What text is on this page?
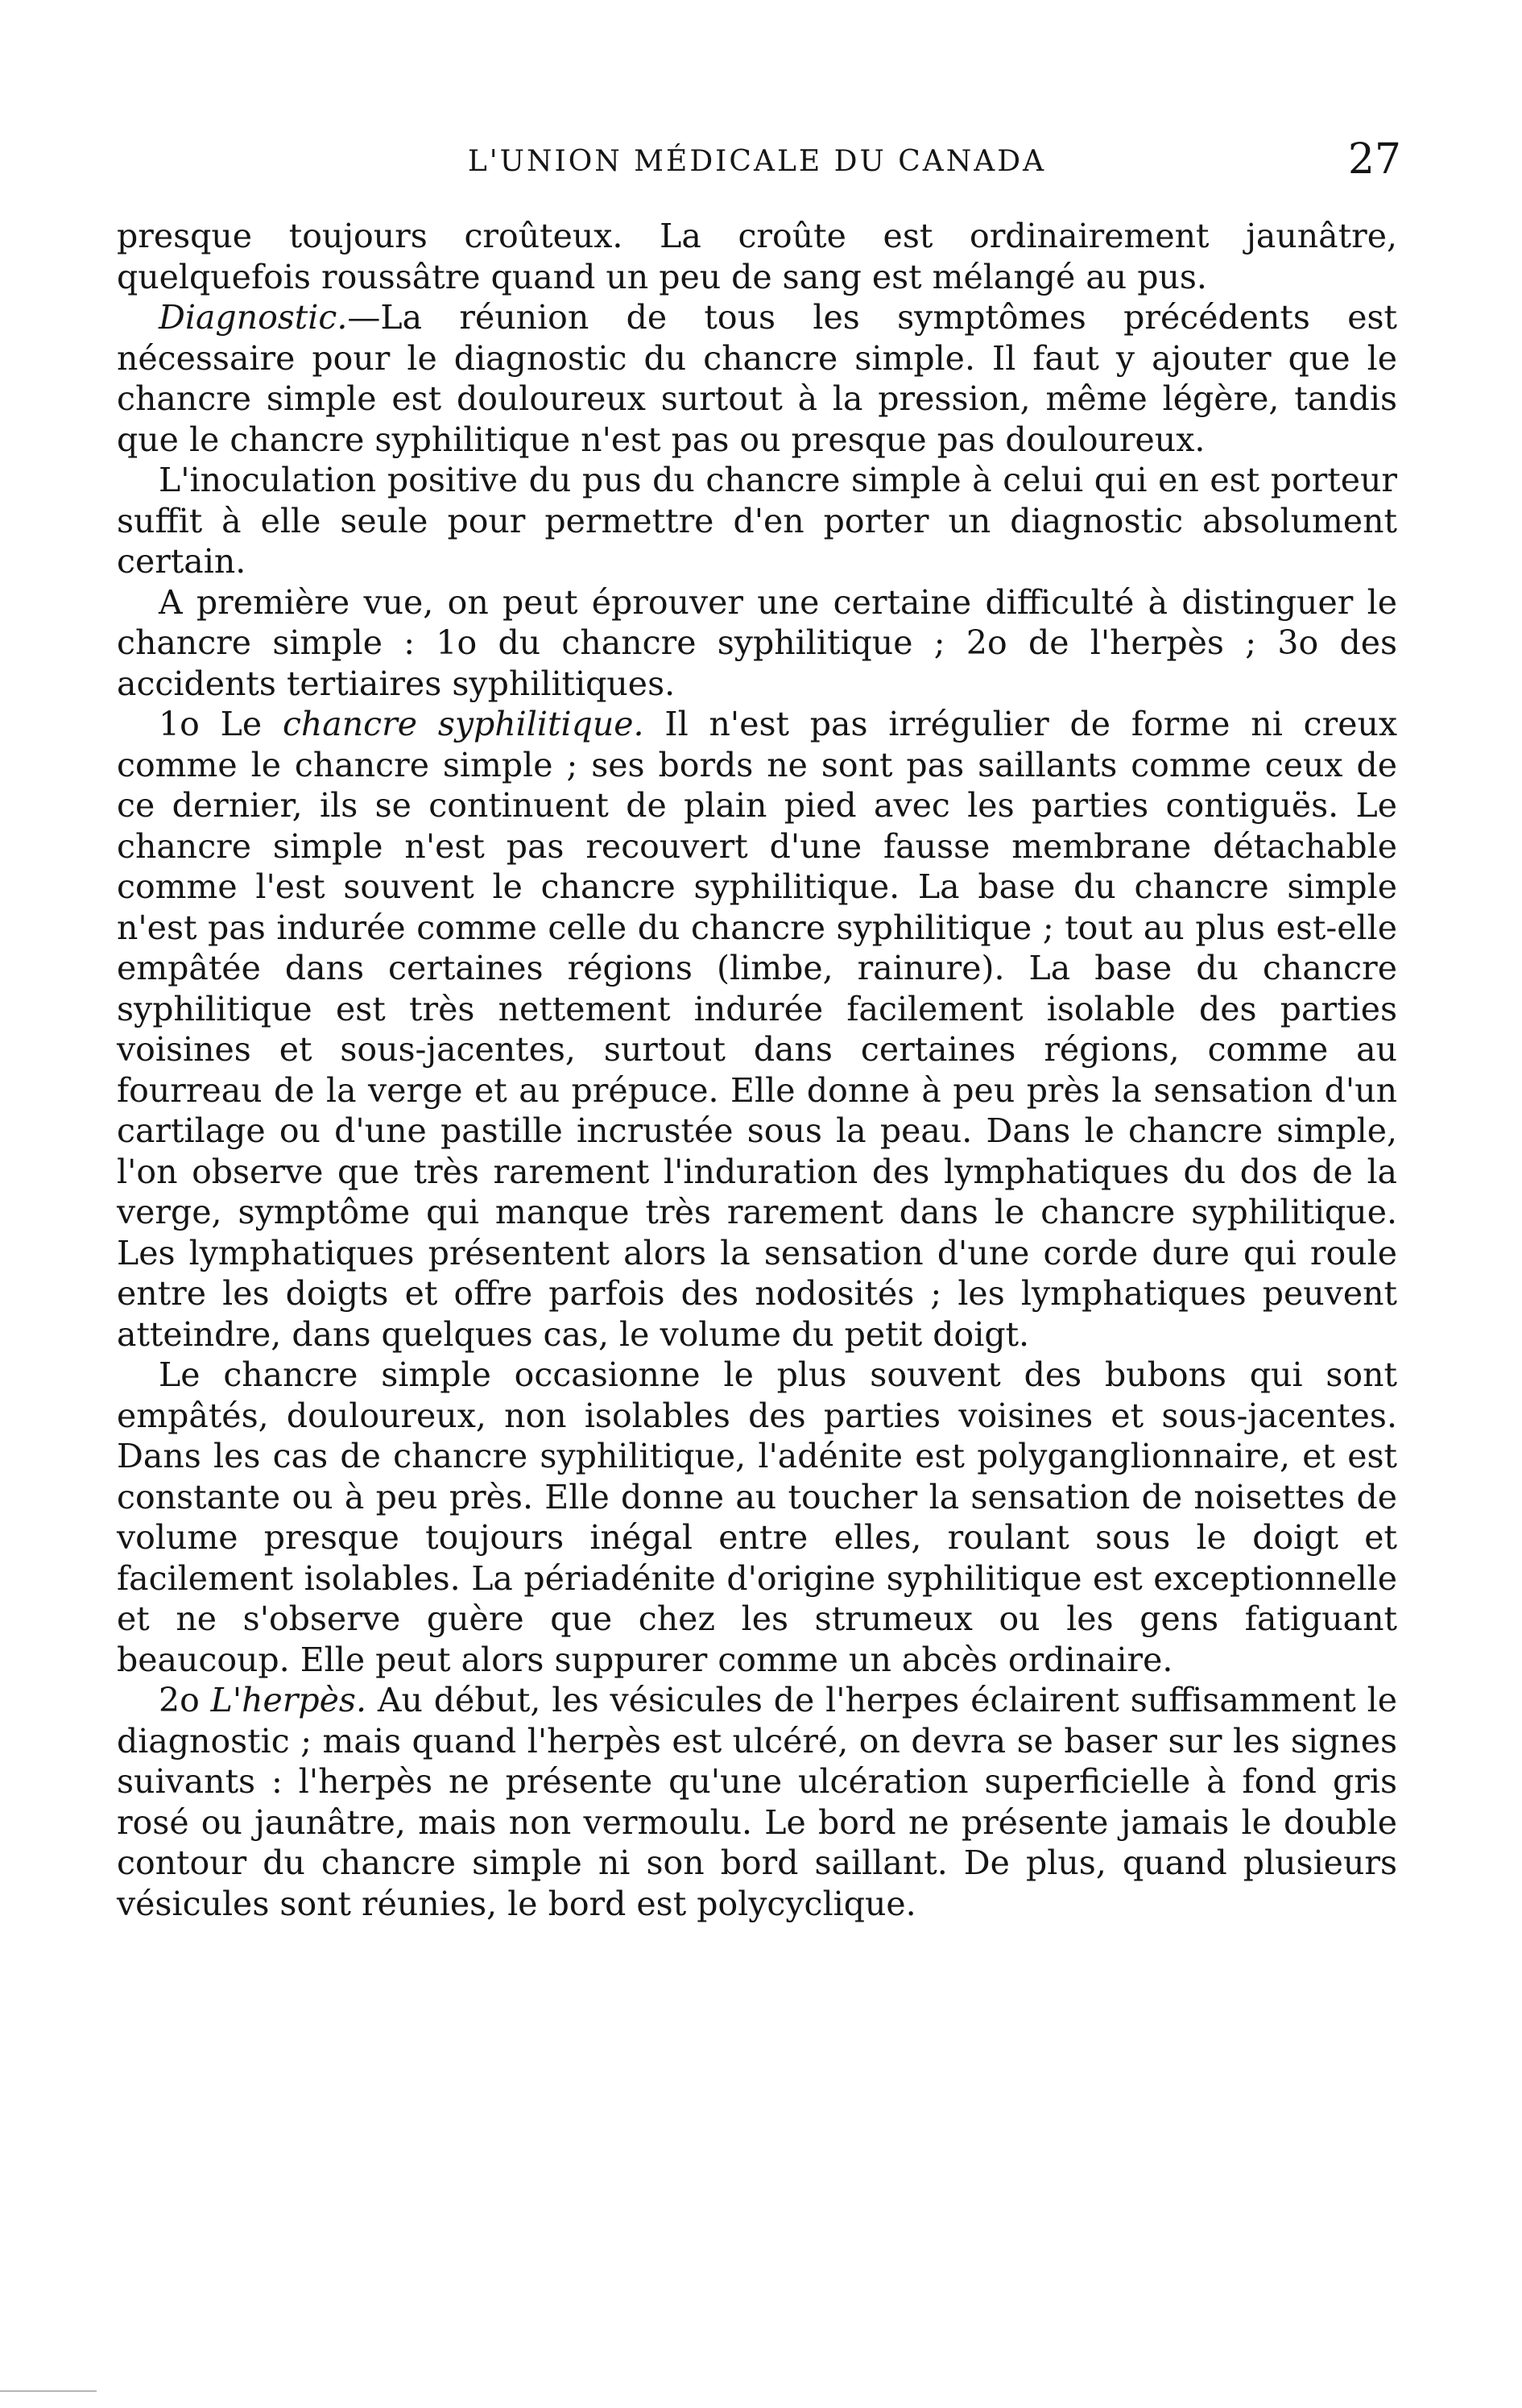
L'UNION MÉDICALE DU CANADA	27

presque toujours croûteux. La croûte est ordinairement jaunâtre, quelquefois roussâtre quand un peu de sang est mélangé au pus.

Diagnostic.—La réunion de tous les symptômes précédents est nécessaire pour le diagnostic du chancre simple. Il faut y ajouter que le chancre simple est douloureux surtout à la pression, même légère, tandis que le chancre syphilitique n'est pas ou presque pas douloureux.

L'inoculation positive du pus du chancre simple à celui qui en est porteur suffit à elle seule pour permettre d'en porter un diagnostic absolument certain.

A première vue, on peut éprouver une certaine difficulté à distinguer le chancre simple : 1o du chancre syphilitique ; 2o de l'herpès ; 3o des accidents tertiaires syphilitiques.

1o Le chancre syphilitique. Il n'est pas irrégulier de forme ni creux comme le chancre simple ; ses bords ne sont pas saillants comme ceux de ce dernier, ils se continuent de plain pied avec les parties contiguës. Le chancre simple n'est pas recouvert d'une fausse membrane détachable comme l'est souvent le chancre syphilitique. La base du chancre simple n'est pas indurée comme celle du chancre syphilitique ; tout au plus est-elle empâtée dans certaines régions (limbe, rainure). La base du chancre syphilitique est très nettement indurée facilement isolable des parties voisines et sous-jacentes, surtout dans certaines régions, comme au fourreau de la verge et au prépuce. Elle donne à peu près la sensation d'un cartilage ou d'une pastille incrustée sous la peau. Dans le chancre simple, l'on observe que très rarement l'induration des lymphatiques du dos de la verge, symptôme qui manque très rarement dans le chancre syphilitique. Les lymphatiques présentent alors la sensation d'une corde dure qui roule entre les doigts et offre parfois des nodosités ; les lymphatiques peuvent atteindre, dans quelques cas, le volume du petit doigt.

Le chancre simple occasionne le plus souvent des bubons qui sont empâtés, douloureux, non isolables des parties voisines et sous-jacentes. Dans les cas de chancre syphilitique, l'adénite est polyganglionnaire, et est constante ou à peu près. Elle donne au toucher la sensation de noisettes de volume presque toujours inégal entre elles, roulant sous le doigt et facilement isolables. La périadénite d'origine syphilitique est exceptionnelle et ne s'observe guère que chez les strumeux ou les gens fatiguant beaucoup. Elle peut alors suppurer comme un abcès ordinaire.

2o L'herpès. Au début, les vésicules de l'herpes éclairent suffisamment le diagnostic ; mais quand l'herpès est ulcéré, on devra se baser sur les signes suivants : l'herpès ne présente qu'une ulcération superficielle à fond gris rosé ou jaunâtre, mais non vermoulu. Le bord ne présente jamais le double contour du chancre simple ni son bord saillant. De plus, quand plusieurs vésicules sont réunies, le bord est polycyclique.
